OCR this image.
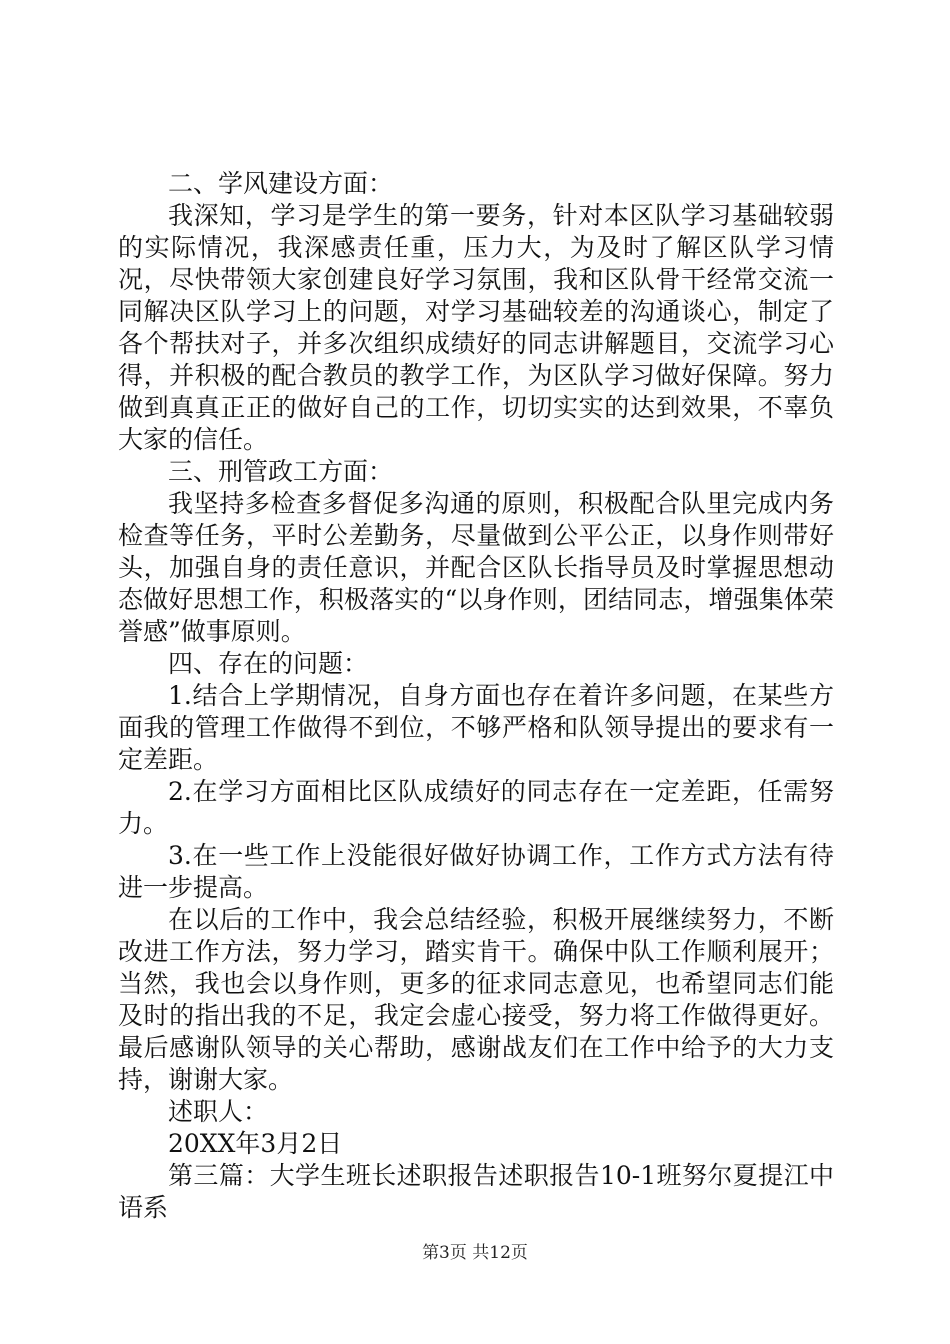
二、学风建设方面：

我深知，学习是学生的第一要务，针对本区队学习基础较弱的实际情况，我深感责任重，压力大，为及时了解区队学习情况，尽快带领大家创建良好学习氛围，我和区队骨干经常交流一同解决区队学习上的问题，对学习基础较差的沟通谈心，制定了各个帮扶对子，并多次组织成绩好的同志讲解题目，交流学习心得，并积极的配合教员的教学工作，为区队学习做好保障。努力做到真真正正的做好自己的工作，切切实实的达到效果，不辜负大家的信任。

三、刑管政工方面：

我坚持多检查多督促多沟通的原则，积极配合队里完成内务检查等任务，平时公差勤务，尽量做到公平公正，以身作则带好头，加强自身的责任意识，并配合区队长指导员及时掌握思想动态做好思想工作，积极落实的“以身作则，团结同志，增强集体荣誉感”做事原则。

四、存在的问题：

1.结合上学期情况，自身方面也存在着许多问题，在某些方面我的管理工作做得不到位，不够严格和队领导提出的要求有一定差距。

2.在学习方面相比区队成绩好的同志存在一定差距，任需努力。

3.在一些工作上没能很好做好协调工作，工作方式方法有待进一步提高。

在以后的工作中，我会总结经验，积极开展继续努力，不断改进工作方法，努力学习，踏实肯干。确保中队工作顺利展开；当然，我也会以身作则，更多的征求同志意见，也希望同志们能及时的指出我的不足，我定会虚心接受，努力将工作做得更好。最后感谢队领导的关心帮助，感谢战友们在工作中给予的大力支持，谢谢大家。

述职人：

20XX年3月2日

第三篇：大学生班长述职报告述职报告10-1班努尔夏提江中语系

第3页 共12页
